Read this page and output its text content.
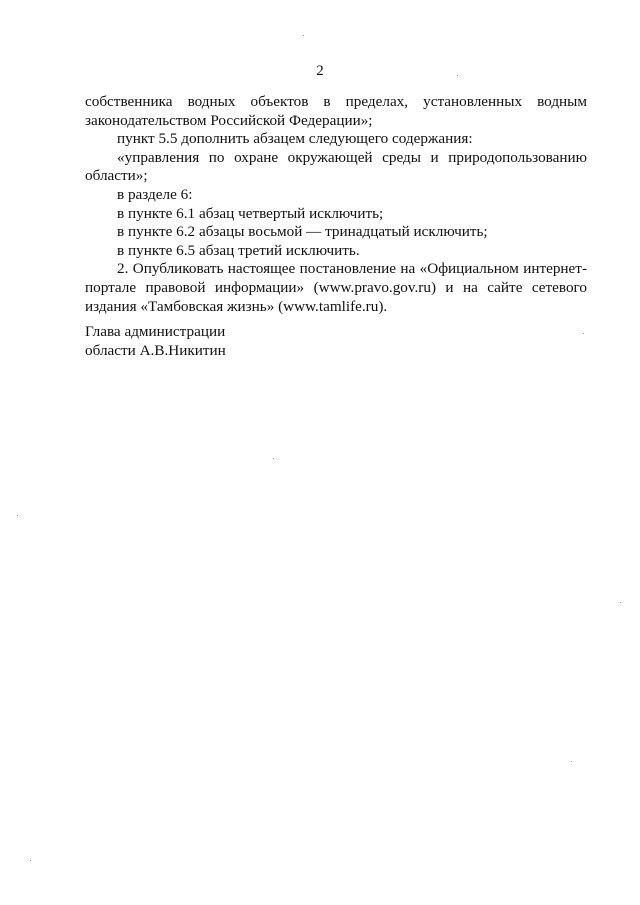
2

собственника водных объектов в пределах, установленных водным законодательством Российской Федерации»;

пункт 5.5 дополнить абзацем следующего содержания:

«управления по охране окружающей среды и природопользованию области»;

в разделе 6:

в пункте 6.1 абзац четвертый исключить;

в пункте 6.2 абзацы восьмой — тринадцатый исключить;

в пункте 6.5 абзац третий исключить.

2. Опубликовать настоящее постановление на «Официальном интернет-портале правовой информации» (www.pravo.gov.ru) и на сайте сетевого издания «Тамбовская жизнь» (www.tamlife.ru).

Глава администрации
области А.В.Никитин
